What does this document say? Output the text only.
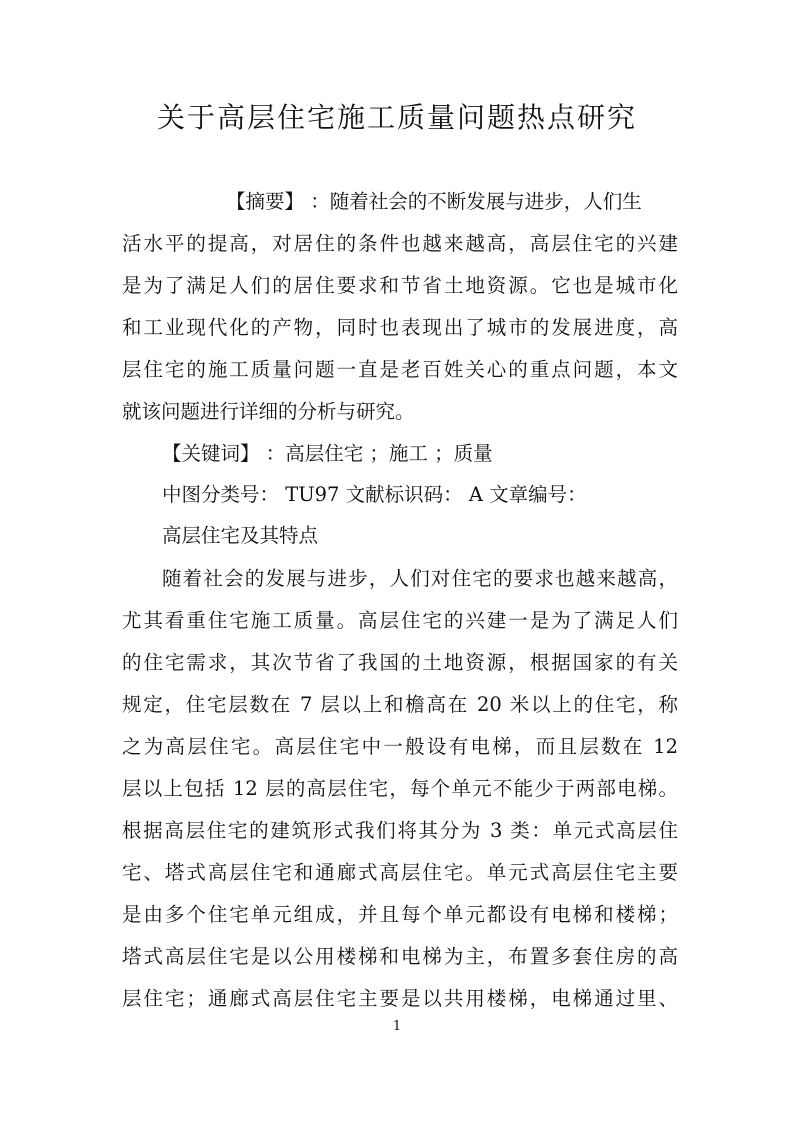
关于高层住宅施工质量问题热点研究
【摘要】 ：随着社会的不断发展与进步，人们生
活水平的提高，对居住的条件也越来越高，高层住宅的兴建
是为了满足人们的居住要求和节省土地资源。它也是城市化
和工业现代化的产物，同时也表现出了城市的发展进度，高
层住宅的施工质量问题一直是老百姓关心的重点问题，本文
就该问题进行详细的分析与研究。
【关键词】 ：高层住宅 ；施工 ；质量
中图分类号： TU97 文献标识码： A 文章编号：
高层住宅及其特点
随着社会的发展与进步，人们对住宅的要求也越来越高，
尤其看重住宅施工质量。高层住宅的兴建一是为了满足人们
的住宅需求，其次节省了我国的土地资源，根据国家的有关
规定，住宅层数在 7 层以上和檐高在 20 米以上的住宅，称
之为高层住宅。高层住宅中一般设有电梯，而且层数在 12
层以上包括 12 层的高层住宅，每个单元不能少于两部电梯。
根据高层住宅的建筑形式我们将其分为 3 类：单元式高层住
宅、塔式高层住宅和通廊式高层住宅。单元式高层住宅主要
是由多个住宅单元组成，并且每个单元都设有电梯和楼梯；
塔式高层住宅是以公用楼梯和电梯为主，布置多套住房的高
层住宅；通廊式高层住宅主要是以共用楼梯，电梯通过里、
1
